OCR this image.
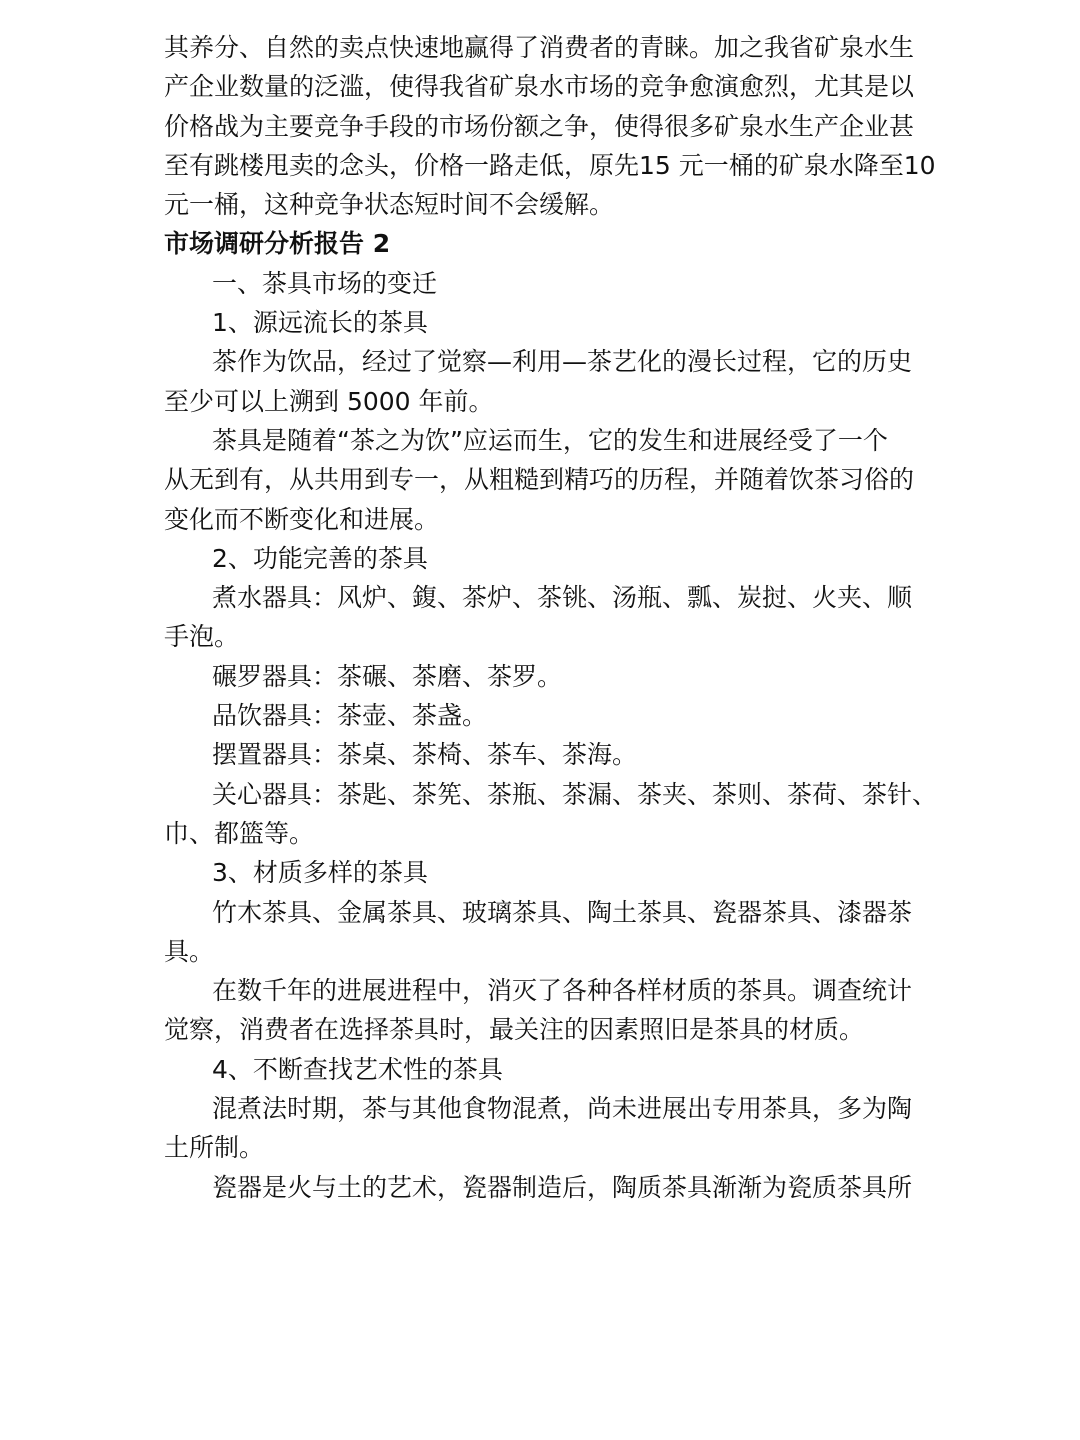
其养分、自然的卖点快速地赢得了消费者的青睐。加之我省矿泉水生
产企业数量的泛滥，使得我省矿泉水市场的竞争愈演愈烈，尤其是以
价格战为主要竞争手段的市场份额之争，使得很多矿泉水生产企业甚
至有跳楼甩卖的念头，价格一路走低，原先15 元一桶的矿泉水降至10
元一桶，这种竞争状态短时间不会缓解。
市场调研分析报告 2
一、茶具市场的变迁
1、源远流长的茶具
茶作为饮品，经过了觉察—利用—茶艺化的漫长过程，它的历史
至少可以上溯到 5000 年前。
茶具是随着“茶之为饮”应运而生，它的发生和进展经受了一个
从无到有，从共用到专一，从粗糙到精巧的历程，并随着饮茶习俗的
变化而不断变化和进展。
2、功能完善的茶具
煮水器具：风炉、鍑、茶炉、茶铫、汤瓶、瓢、炭挝、火夹、顺
手泡。
碾罗器具：茶碾、茶磨、茶罗。
品饮器具：茶壶、茶盏。
摆置器具：茶桌、茶椅、茶车、茶海。
关心器具：茶匙、茶筅、茶瓶、茶漏、茶夹、茶则、茶荷、茶针、
巾、都篮等。
3、材质多样的茶具
竹木茶具、金属茶具、玻璃茶具、陶土茶具、瓷器茶具、漆器茶
具。
在数千年的进展进程中，消灭了各种各样材质的茶具。调查统计
觉察，消费者在选择茶具时，最关注的因素照旧是茶具的材质。
4、不断查找艺术性的茶具
混煮法时期，茶与其他食物混煮，尚未进展出专用茶具，多为陶
土所制。
瓷器是火与土的艺术，瓷器制造后，陶质茶具渐渐为瓷质茶具所
